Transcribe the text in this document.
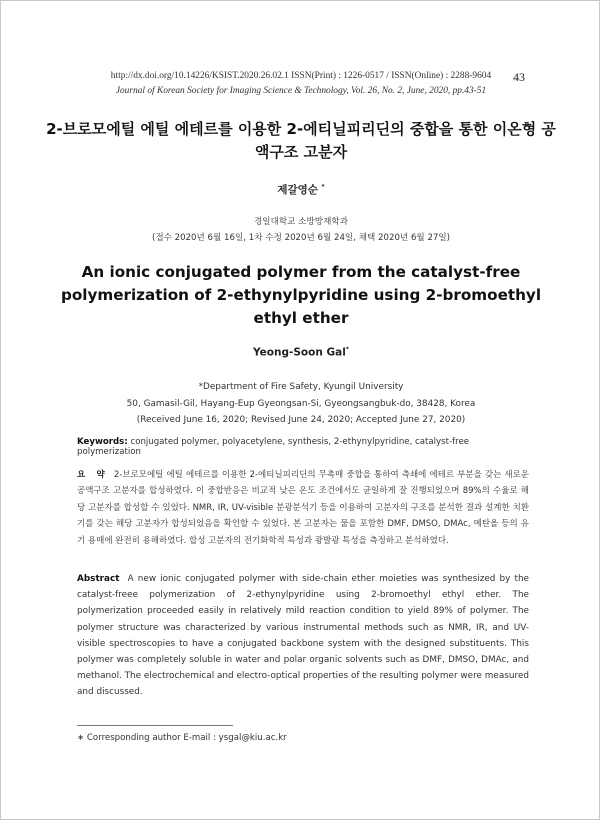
http://dx.doi.org/10.14226/KSIST.2020.26.02.1 ISSN(Print) : 1226-0517 / ISSN(Online) : 2288-9604	43
Journal of Korean Society for Imaging Science & Technology, Vol. 26, No. 2, June, 2020, pp.43-51
2-브로모에틸 에틸 에테르를 이용한 2-에티닐피리딘의 중합을 통한 이온형 공액구조 고분자
제갈영순 *
경일대학교 소방방재학과
(접수 2020년 6월 16일, 1차 수정 2020년 6월 24일, 채택 2020년 6월 27일)
An ionic conjugated polymer from the catalyst-free polymerization of 2-ethynylpyridine using 2-bromoethyl ethyl ether
Yeong-Soon Gal*
*Department of Fire Safety, Kyungil University
50, Gamasil-Gil, Hayang-Eup Gyeongsan-Si, Gyeongsangbuk-do, 38428, Korea
(Received June 16, 2020; Revised June 24, 2020; Accepted June 27, 2020)
Keywords: conjugated polymer, polyacetylene, synthesis, 2-ethynylpyridine, catalyst-free polymerization
요 약 2-브로모에틸 에틸 에테르를 이용한 2-에티닐피리딘의 무촉매 중합을 통하여 측쇄에 에테르 부분을 갖는 새로운 공액구조 고분자를 합성하였다. 이 중합반응은 비교적 낮은 온도 조건에서도 균일하게 잘 진행되었으며 89%의 수율로 해당 고분자를 합성할 수 있었다. NMR, IR, UV-visible 분광분석기 등을 이용하여 고분자의 구조를 분석한 결과 설계한 치환기를 갖는 해당 고분자가 합성되었음을 확인할 수 있었다. 본 고분자는 물을 포함한 DMF, DMSO, DMAc, 메탄올 등의 유기 용매에 완전히 용해하였다. 합성 고분자의 전기화학적 특성과 광발광 특성을 측정하고 분석하였다.
Abstract A new ionic conjugated polymer with side-chain ether moieties was synthesized by the catalyst-freee polymerization of 2-ethynylpyridine using 2-bromoethyl ethyl ether. The polymerization proceeded easily in relatively mild reaction condition to yield 89% of polymer. The polymer structure was characterized by various instrumental methods such as NMR, IR, and UV-visible spectroscopies to have a conjugated backbone system with the designed substituents. This polymer was completely soluble in water and polar organic solvents such as DMF, DMSO, DMAc, and methanol. The electrochemical and electro-optical properties of the resulting polymer were measured and discussed.
∗ Corresponding author E-mail : ysgal@kiu.ac.kr
